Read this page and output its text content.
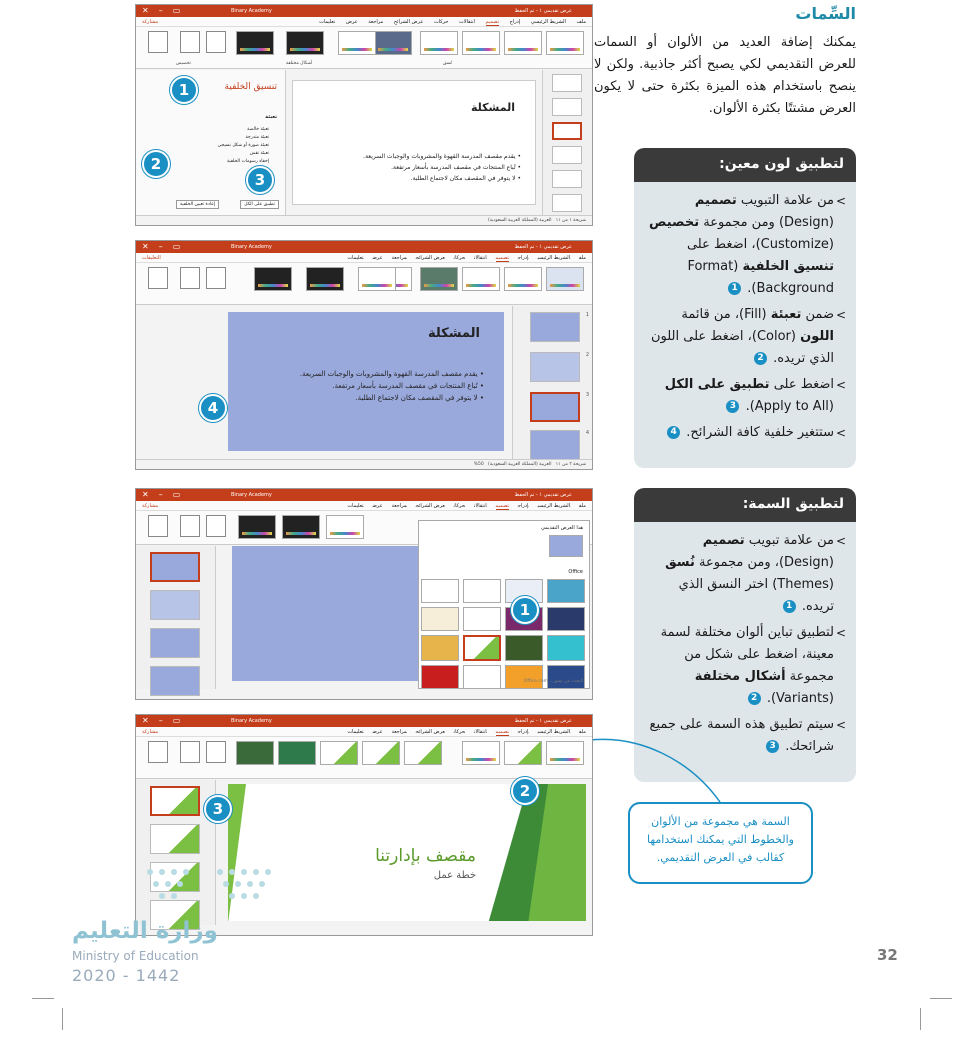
السِّمات

يمكنك إضافة العديد من الألوان أو السمات للعرض التقديمي لكي يصبح أكثر جاذبية. ولكن لا ينصح باستخدام هذه الميزة بكثرة حتى لا يكون العرض مشتتًا بكثرة الألوان.

لتطبيق لون معين:
> من علامة التبويب تصميم (Design) ومن مجموعة تخصيص (Customize)، اضغط على تنسيق الخلفية (Format Background). 1
> ضمن تعبئة (Fill)، من قائمة اللون (Color)، اضغط على اللون الذي تريده. 2
> اضغط على تطبيق على الكل (Apply to All). 3
> ستتغير خلفية كافة الشرائح. 4
لتطبيق السمة:
> من علامة تبويب تصميم (Design)، ومن مجموعة نُسق (Themes) اختر النسق الذي تريده. 1
> لتطبيق تباين ألوان مختلفة لسمة معينة، اضغط على شكل من مجموعة أشكال مختلفة (Variants). 2
> سيتم تطبيق هذه السمة على جميع شرائحك. 3
السمة هي مجموعة من الألوان والخطوط التي يمكنك استخدامها كقالب في العرض التقديمي.
✕–▭	Binary Academy	عرض تقديمي ١ - تم الحفظ
ملف الشريط الرئيسي إدراج تصميم انتقالات حركات عرض الشرائح مراجعة عرض تعليمات
مشاركة
نُسق
أشكال مختلفة
تخصيص
تنسيق الخلفية
تعبئة
تعبئة خالصة
تعبئة متدرجة
تعبئة صورة أو شكل نسيجي
تعبئة نقش
إخفاء رسومات الخلفية
تطبيق على الكل
إعادة تعيين الخلفية
المشكلة
• يقدم مقصف المدرسة القهوة والمشروبات والوجبات السريعة.
• تُباع المنتجات في مقصف المدرسة بأسعار مرتفعة.
• لا يتوفر في المقصف مكان لاجتماع الطلبة.
شريحة ١ من ١١   العربية (المملكة العربية السعودية)
1
2
3
✕–▭	Binary Academy	عرض تقديمي ١ - تم الحفظ
ملفالشريط الرئيسيإدراجتصميمانتقالاتحركاتعرض الشرائحمراجعةعرضتعليمات
التعليقات
1
2
3
4
المشكلة
• يقدم مقصف المدرسة القهوة والمشروبات والوجبات السريعة.
• تُباع المنتجات في مقصف المدرسة بأسعار مرتفعة.
• لا يتوفر في المقصف مكان لاجتماع الطلبة.
شريحة ٣ من ١١   العربية (المملكة العربية السعودية)   50%
4
✕–▭	Binary Academy	عرض تقديمي ١ - تم الحفظ
ملفالشريط الرئيسيإدراجتصميمانتقالاتحركاتعرض الشرائحمراجعةعرضتعليمات
مشاركة
هذا العرض التقديمي
Office
البحث عن نسق... Office.com
1
✕–▭	Binary Academy	عرض تقديمي ١ - تم الحفظ
ملفالشريط الرئيسيإدراجتصميمانتقالاتحركاتعرض الشرائحمراجعةعرضتعليمات
مشاركة
مقصف بإدارتنا
خطة عمل
3
2
وزارة التعليم
Ministry of Education
2020 - 1442
32
